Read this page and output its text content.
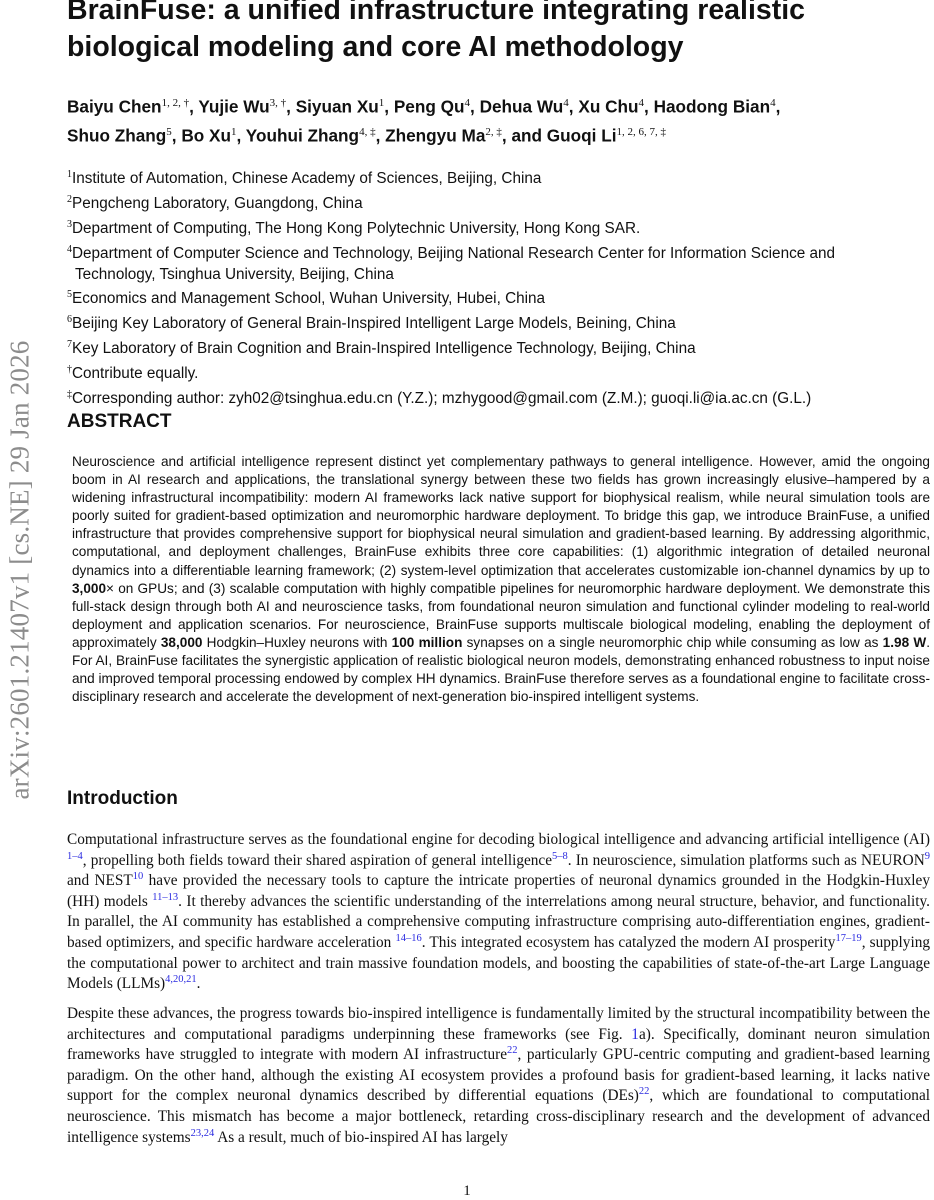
arXiv:2601.21407v1 [cs.NE] 29 Jan 2026
BrainFuse: a unified infrastructure integrating realistic biological modeling and core AI methodology

Baiyu Chen$^{1, 2, \dagger}$, Yujie $Wu^{3, \dagger}$, Siyuan Xu$^1$, Peng Qu$^4$, Dehua Wu$^4$, Xu Chu$^4$, Haodong Bian$^4$,
Shuo Zhang$^5$, Bo Xu$^1$, Youhui Zhang$^{4, \ddagger}$, Zhengyu $Ma^{2, \ddagger}$, and Guoqi $Li^{1, 2, 6, 7, \ddagger}$

$^1$Institute of Automation, Chinese Academy of Sciences, Beijing, China
$^2$Pengcheng Laboratory, Guangdong, China
$^3$Department of Computing, The Hong Kong Polytechnic University, Hong Kong SAR.
$^4$Department of Computer Science and Technology, Beijing National Research Center for Information Science and
Technology, Tsinghua University, Beijing, China
$^5$Economics and Management School, Wuhan University, Hubei, China
$^6$Beijing Key Laboratory of General Brain-Inspired Intelligent Large Models, Beining, China
$^7$Key Laboratory of Brain Cognition and Brain-Inspired Intelligence Technology, Beijing, China
†Contribute equally.
‡Corresponding author: zyh02@tsinghua.edu.cn (Y.Z.); mzhygood@gmail.com (Z.M.); guoqi.li@ia.ac.cn (G.L.)
ABSTRACT

Neuroscience and artificial intelligence represent distinct yet complementary pathways to general intelligence. However, amid the ongoing boom in AI research and applications, the translational synergy between these two fields has grown increasingly elusive–hampered by a widening infrastructural incompatibility: modern AI frameworks lack native support for biophysical realism, while neural simulation tools are poorly suited for gradient-based optimization and neuromorphic hardware deployment. To bridge this gap, we introduce BrainFuse, a unified infrastructure that provides comprehensive support for biophysical neural simulation and gradient-based learning. By addressing algorithmic, computational, and deployment challenges, BrainFuse exhibits three core capabilities: (1) algorithmic integration of detailed neuronal dynamics into a differentiable learning framework; (2) system-level optimization that accelerates customizable ion-channel dynamics by up to 3,000× on GPUs; and (3) scalable computation with highly compatible pipelines for neuromorphic hardware deployment. We demonstrate this full-stack design through both AI and neuroscience tasks, from foundational neuron simulation and functional cylinder modeling to real-world deployment and application scenarios. For neuroscience, BrainFuse supports multiscale biological modeling, enabling the deployment of approximately 38,000 Hodgkin–Huxley neurons with 100 million synapses on a single neuromorphic chip while consuming as low as 1.98 W. For AI, BrainFuse facilitates the synergistic application of realistic biological neuron models, demonstrating enhanced robustness to input noise and improved temporal processing endowed by complex HH dynamics. BrainFuse therefore serves as a foundational engine to facilitate cross-disciplinary research and accelerate the development of next-generation bio-inspired intelligent systems.

Introduction

Computational infrastructure serves as the foundational engine for decoding biological intelligence and advancing artificial intelligence (AI) $^{1-4}$, propelling both fields toward their shared aspiration of general intelligence$^{5-8}$. In neuroscience, simulation platforms such as NEURON$^9$ and NEST$^{10}$ have provided the necessary tools to capture the intricate properties of neuronal dynamics grounded in the Hodgkin-Huxley (HH) models $^{11-13}$. It thereby advances the scientific understanding of the interrelations among neural structure, behavior, and functionality. In parallel, the AI community has established a comprehensive computing infrastructure comprising auto-differentiation engines, gradient-based optimizers, and specific hardware acceleration $^{14-16}$. This integrated ecosystem has catalyzed the modern AI prosperity$^{17-19}$, supplying the computational power to architect and train massive foundation models, and boosting the capabilities of state-of-the-art Large Language Models (LLMs)$^{4,20,21}$.

Despite these advances, the progress towards bio-inspired intelligence is fundamentally limited by the structural incompatibility between the architectures and computational paradigms underpinning these frameworks (see Fig. 1a). Specifically, dominant neuron simulation frameworks have struggled to integrate with modern AI infrastructure$^{22}$, particularly GPU-centric computing and gradient-based learning paradigm. On the other hand, although the existing AI ecosystem provides a profound basis for gradient-based learning, it lacks native support for the complex neuronal dynamics described by differential equations (DEs)$^{22}$, which are foundational to computational neuroscience. This mismatch has become a major bottleneck, retarding cross-disciplinary research and the development of advanced intelligence systems$^{23,24}$ As a result, much of bio-inspired AI has largely

1
